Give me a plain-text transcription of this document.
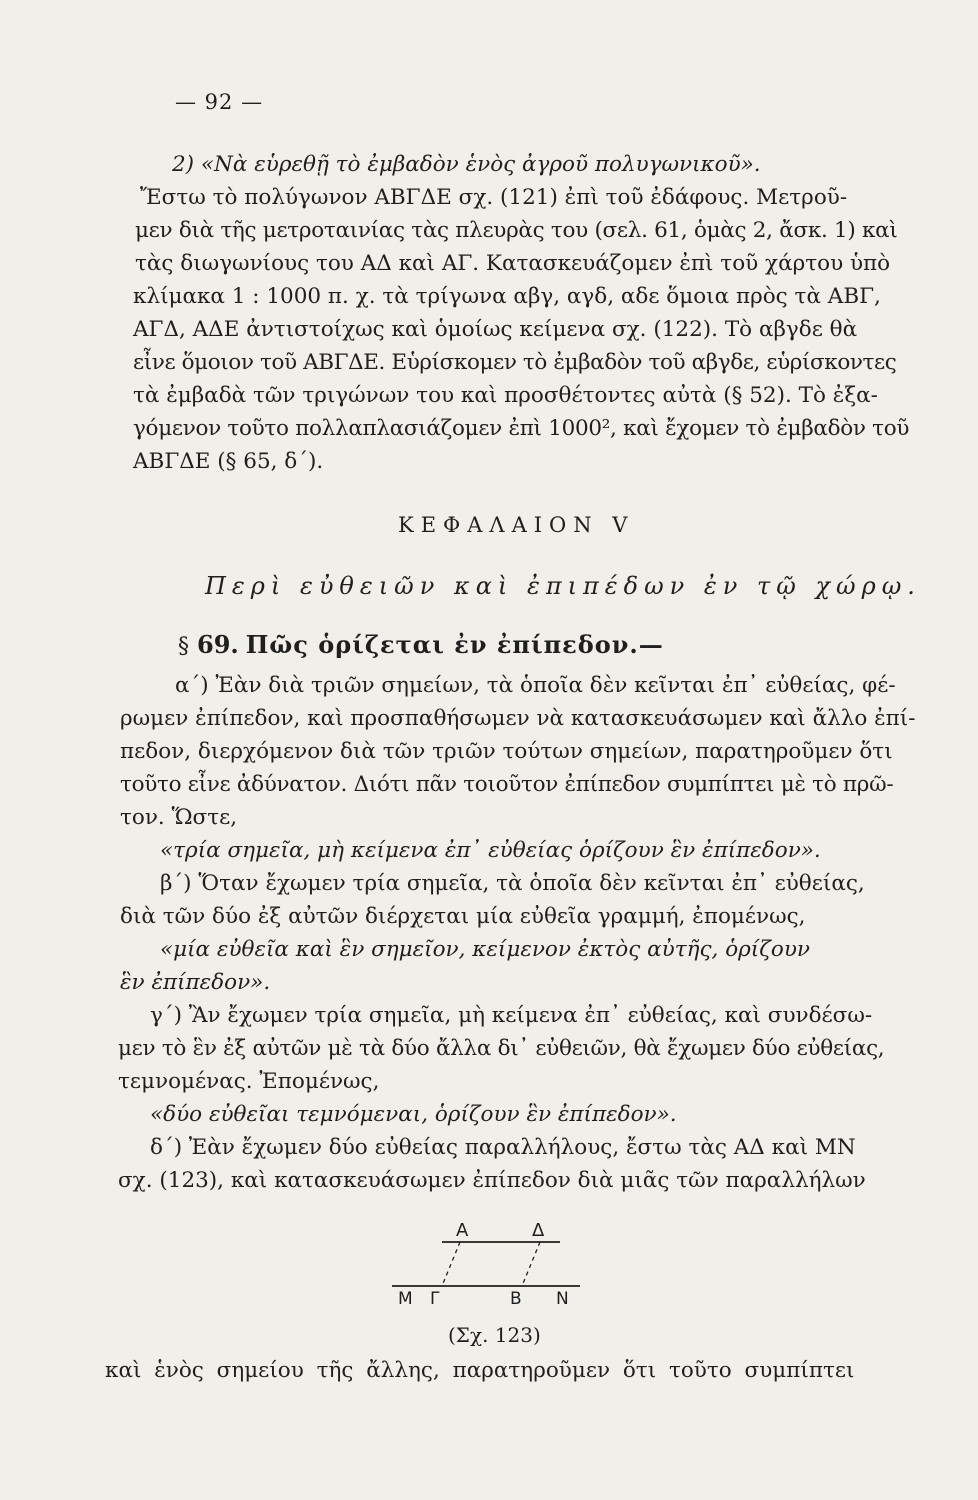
— 92 —
2) «Νὰ εὑρεθῇ τὸ ἐμβαδὸν ἑνὸς ἀγροῦ πολυγωνικοῦ».
Ἔστω τὸ πολύγωνον ΑΒΓΔΕ σχ. (121) ἐπὶ τοῦ ἐδάφους. Μετροῦ-
μεν διὰ τῆς μετροταινίας τὰς πλευρὰς του (σελ. 61, ὁμὰς 2, ἄσκ. 1) καὶ
τὰς διωγωνίους του ΑΔ καὶ ΑΓ. Κατασκευάζομεν ἐπὶ τοῦ χάρτου ὑπὸ
κλίμακα 1 : 1000 π. χ. τὰ τρίγωνα αβγ, αγδ, αδε ὅμοια πρὸς τὰ ΑΒΓ,
ΑΓΔ, ΑΔΕ ἀντιστοίχως καὶ ὁμοίως κείμενα σχ. (122). Τὸ αβγδε θὰ
εἶνε ὅμοιον τοῦ ΑΒΓΔΕ. Εὑρίσκομεν τὸ ἐμβαδὸν τοῦ αβγδε, εὑρίσκοντες
τὰ ἐμβαδὰ τῶν τριγώνων του καὶ προσθέτοντες αὐτὰ (§ 52). Τὸ ἐξα-
γόμενον τοῦτο πολλαπλασιάζομεν ἐπὶ 1000², καὶ ἔχομεν τὸ ἐμβαδὸν τοῦ
ΑΒΓΔΕ (§ 65, δ΄).
ΚΕΦΑΛΑΙΟΝ V
Περὶ εὐθειῶν καὶ ἐπιπέδων ἐν τῷ χώρῳ.
§ 69. Πῶς ὁρίζεται ἐν ἐπίπεδον.—
α΄) Ἐὰν διὰ τριῶν σημείων, τὰ ὁποῖα δὲν κεῖνται ἐπ᾽ εὐθείας, φέ-
ρωμεν ἐπίπεδον, καὶ προσπαθήσωμεν νὰ κατασκευάσωμεν καὶ ἄλλο ἐπί-
πεδον, διερχόμενον διὰ τῶν τριῶν τούτων σημείων, παρατηροῦμεν ὅτι
τοῦτο εἶνε ἀδύνατον. Διότι πᾶν τοιοῦτον ἐπίπεδον συμπίπτει μὲ τὸ πρῶ-
τον. Ὥστε,
«τρία σημεῖα, μὴ κείμενα ἐπ᾽ εὐθείας ὁρίζουν ἓν ἐπίπεδον».
β΄) Ὅταν ἔχωμεν τρία σημεῖα, τὰ ὁποῖα δὲν κεῖνται ἐπ᾽ εὐθείας,
διὰ τῶν δύο ἐξ αὐτῶν διέρχεται μία εὐθεῖα γραμμή, ἐπομένως,
«μία εὐθεῖα καὶ ἓν σημεῖον, κείμενον ἐκτὸς αὐτῆς, ὁρίζουν
ἓν ἐπίπεδον».
γ΄) Ἂν ἔχωμεν τρία σημεῖα, μὴ κείμενα ἐπ᾽ εὐθείας, καὶ συνδέσω-
μεν τὸ ἓν ἐξ αὐτῶν μὲ τὰ δύο ἄλλα δι᾽ εὐθειῶν, θὰ ἔχωμεν δύο εὐθείας,
τεμνομένας. Ἐπομένως,
«δύο εὐθεῖαι τεμνόμεναι, ὁρίζουν ἓν ἐπίπεδον».
δ΄) Ἐὰν ἔχωμεν δύο εὐθείας παραλλήλους, ἔστω τὰς ΑΔ καὶ ΜΝ
σχ. (123), καὶ κατασκευάσωμεν ἐπίπεδον διὰ μιᾶς τῶν παραλλήλων
Α	Δ
Μ Γ	Β Ν
(Σχ. 123)
καὶ ἑνὸς σημείου τῆς ἄλλης, παρατηροῦμεν ὅτι τοῦτο συμπίπτει
